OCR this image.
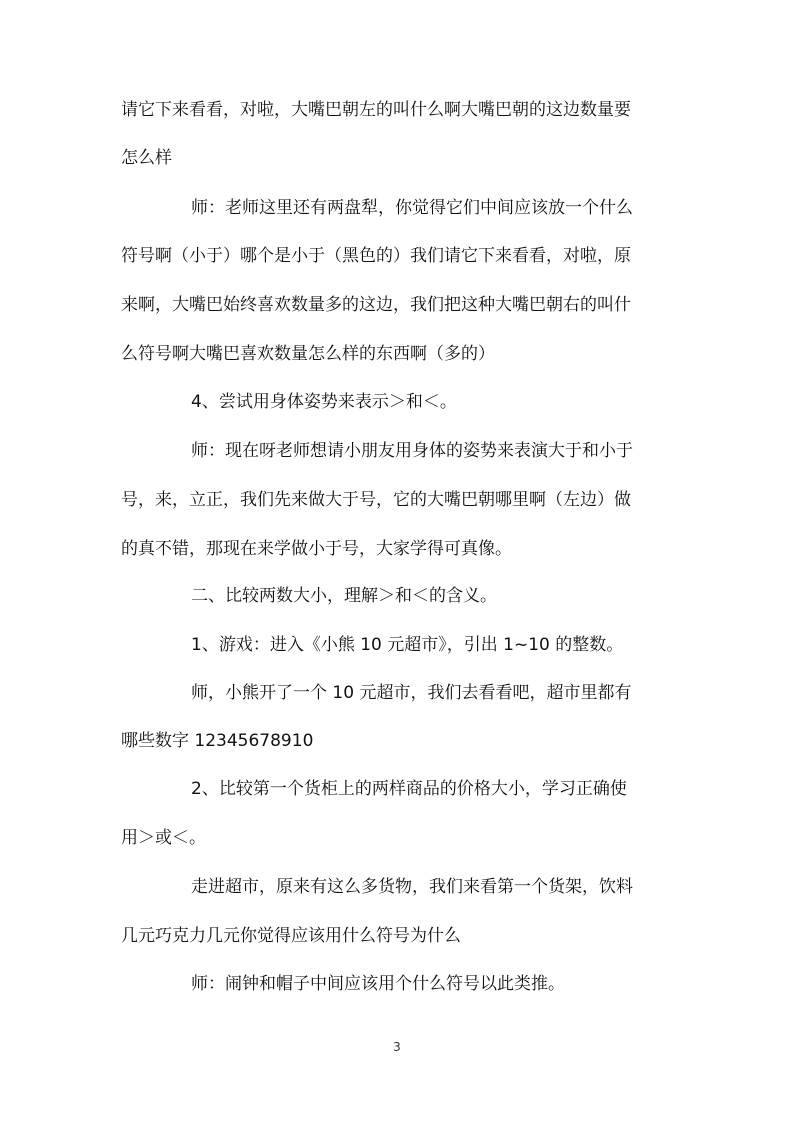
请它下来看看，对啦，大嘴巴朝左的叫什么啊大嘴巴朝的这边数量要
怎么样
师：老师这里还有两盘犁，你觉得它们中间应该放一个什么
符号啊（小于）哪个是小于（黑色的）我们请它下来看看，对啦，原
来啊，大嘴巴始终喜欢数量多的这边，我们把这种大嘴巴朝右的叫什
么符号啊大嘴巴喜欢数量怎么样的东西啊（多的）
4、尝试用身体姿势来表示＞和＜。
师：现在呀老师想请小朋友用身体的姿势来表演大于和小于
号，来，立正，我们先来做大于号，它的大嘴巴朝哪里啊（左边）做
的真不错，那现在来学做小于号，大家学得可真像。
二、比较两数大小，理解＞和＜的含义。
1、游戏：进入《小熊 10 元超市》，引出 1~10 的整数。
师，小熊开了一个 10 元超市，我们去看看吧，超市里都有
哪些数字 12345678910
2、比较第一个货柜上的两样商品的价格大小，学习正确使
用＞或＜。
走进超市，原来有这么多货物，我们来看第一个货架，饮料
几元巧克力几元你觉得应该用什么符号为什么
师：闹钟和帽子中间应该用个什么符号以此类推。
3
